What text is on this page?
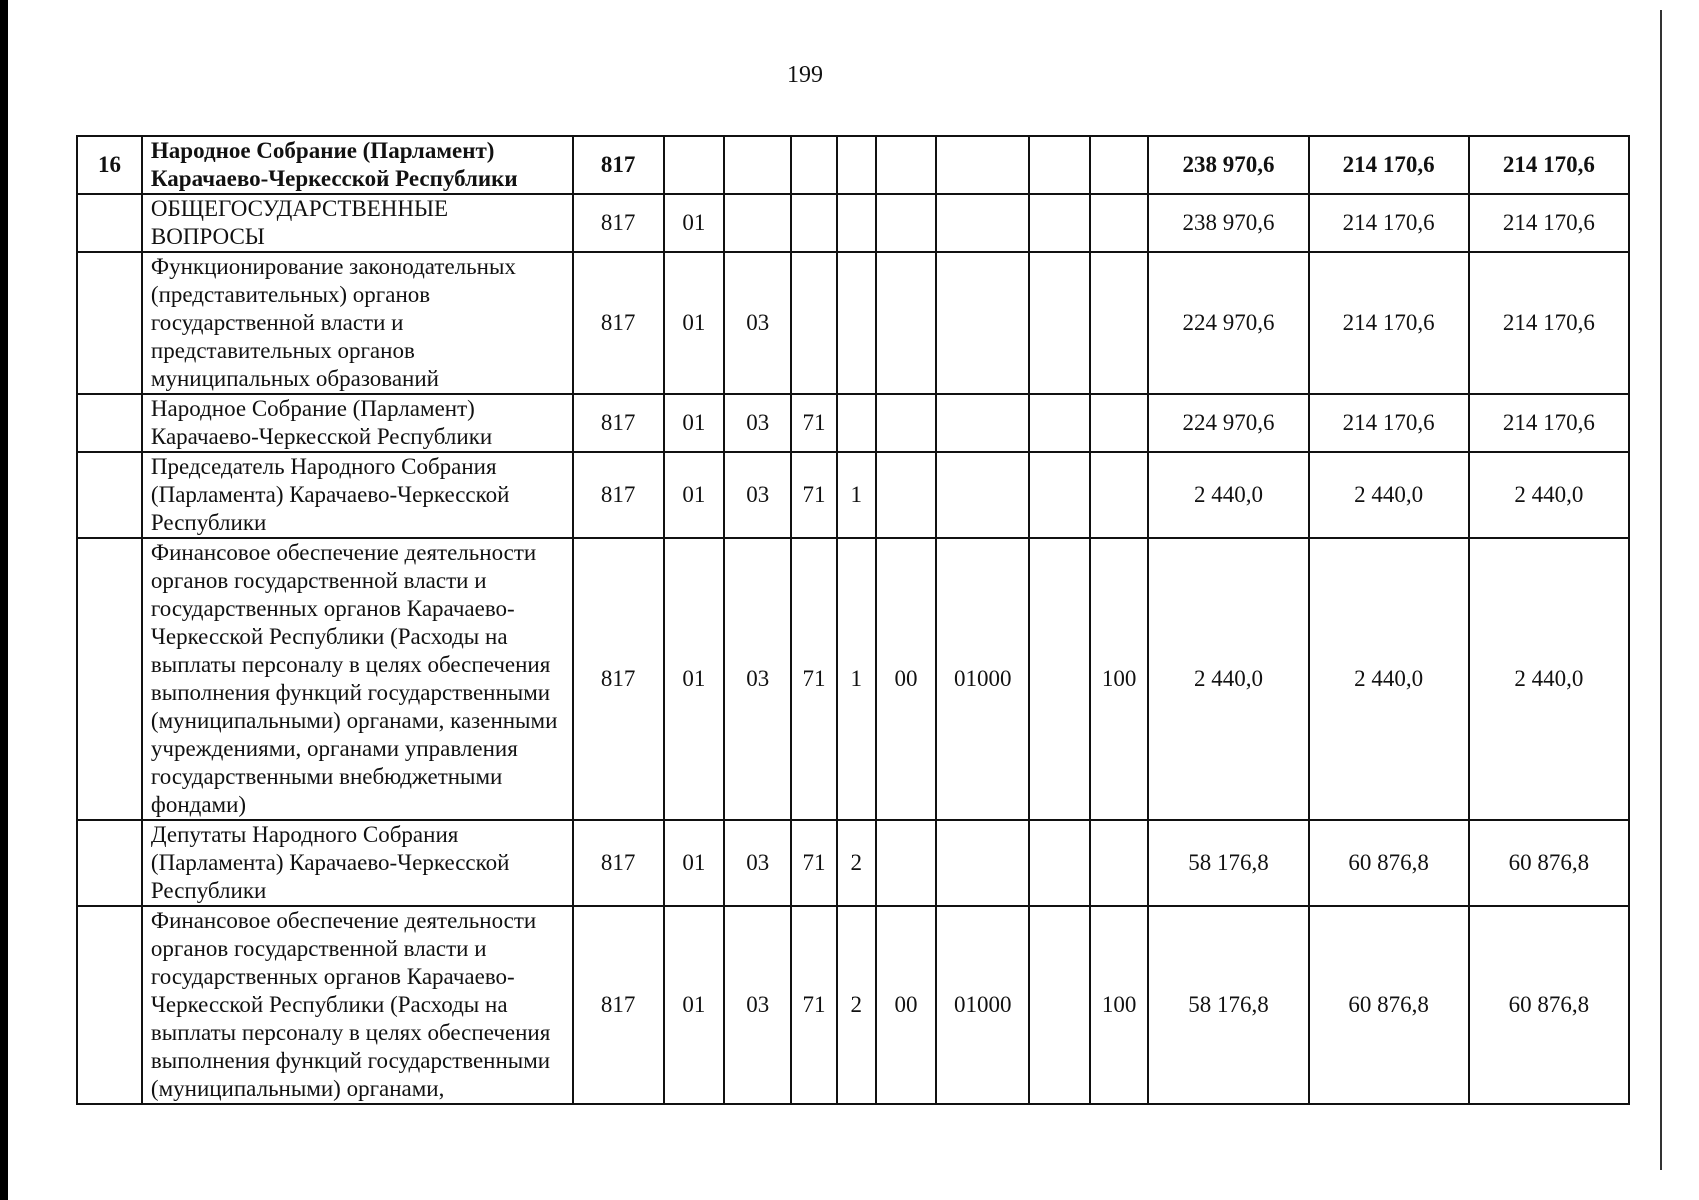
199
16	Народное Собрание (Парламент) Карачаево-Черкесской Республики	817									238 970,6	214 170,6	214 170,6
	ОБЩЕГОСУДАРСТВЕННЫЕ ВОПРОСЫ	817	01								238 970,6	214 170,6	214 170,6
	Функционирование законодательных (представительных) органов государственной власти и представительных органов муниципальных образований	817	01	03							224 970,6	214 170,6	214 170,6
	Народное Собрание (Парламент) Карачаево-Черкесской Республики	817	01	03	71						224 970,6	214 170,6	214 170,6
	Председатель Народного Собрания (Парламента) Карачаево-Черкесской Республики	817	01	03	71	1					2 440,0	2 440,0	2 440,0
	Финансовое обеспечение деятельности органов государственной власти и государственных органов Карачаево-Черкесской Республики (Расходы на выплаты персоналу в целях обеспечения выполнения функций государственными (муниципальными) органами, казенными учреждениями, органами управления государственными внебюджетными фондами)	817	01	03	71	1	00	01000		100	2 440,0	2 440,0	2 440,0
	Депутаты Народного Собрания (Парламента) Карачаево-Черкесской Республики	817	01	03	71	2					58 176,8	60 876,8	60 876,8
	Финансовое обеспечение деятельности органов государственной власти и государственных органов Карачаево-Черкесской Республики (Расходы на выплаты персоналу в целях обеспечения выполнения функций государственными (муниципальными) органами,	817	01	03	71	2	00	01000		100	58 176,8	60 876,8	60 876,8
